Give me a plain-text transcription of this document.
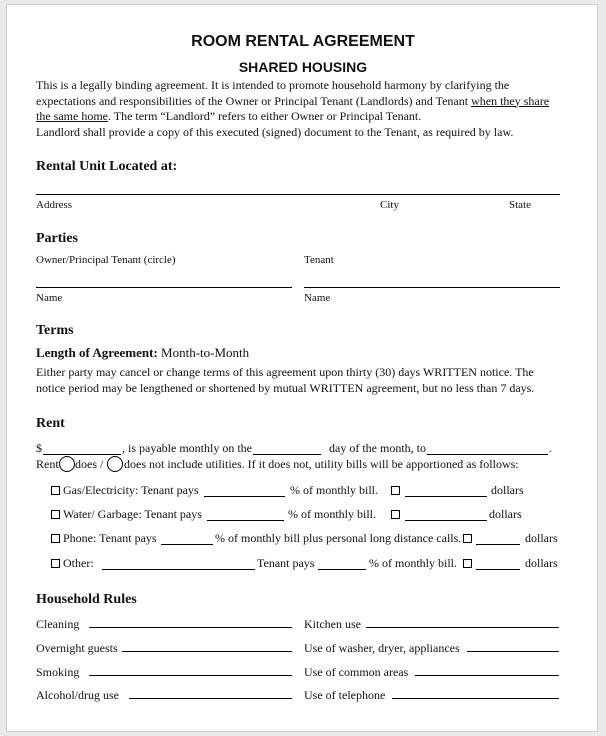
ROOM RENTAL AGREEMENT
SHARED HOUSING
This is a legally binding agreement. It is intended to promote household harmony by clarifying the
expectations and responsibilities of the Owner or Principal Tenant (Landlords) and Tenant when they share
the same home. The term “Landlord” refers to either Owner or Principal Tenant.
Landlord shall provide a copy of this executed (signed) document to the Tenant, as required by law.
Rental Unit Located at:
Address	City	State
Parties
Owner/Principal Tenant (circle)	Tenant
Name	Name
Terms
Length of Agreement: Month-to-Month
Either party may cancel or change terms of this agreement upon thirty (30) days WRITTEN notice. The
notice period may be lengthened or shortened by mutual WRITTEN agreement, but no less than 7 days.
Rent
$	, is payable monthly on the	day of the month, to	.
Rent does / does not include utilities. If it does not, utility bills will be apportioned as follows:
Gas/Electricity: Tenant pays	% of monthly bill.	dollars
Water/ Garbage: Tenant pays	% of monthly bill.	dollars
Phone: Tenant pays	% of monthly bill plus personal long distance calls.	dollars
Other:	Tenant pays	% of monthly bill.	dollars
Household Rules
Cleaning	Kitchen use
Overnight guests	Use of washer, dryer, appliances
Smoking	Use of common areas
Alcohol/drug use	Use of telephone
